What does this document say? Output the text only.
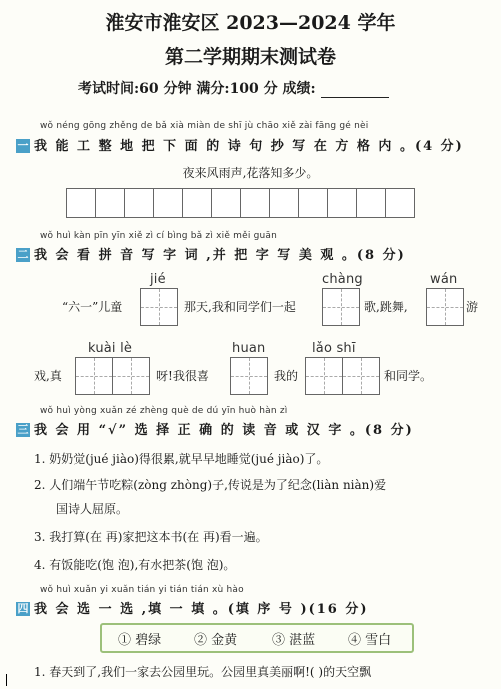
淮安市淮安区 2023—2024 学年
第二学期期末测试卷
考试时间:60 分钟 满分:100 分 成绩:
wǒ néng gōng zhěng de bǎ xià miàn de shī jù chāo xiě zài fāng gé nèi
一 我 能 工 整 地 把 下 面 的 诗 句 抄 写 在 方 格 内 。(4 分)
夜来风雨声,花落知多少。
wǒ huì kàn pīn yīn xiě zì cí bìng bǎ zì xiě měi guān
二 我 会 看 拼 音 写 字 词 ,并 把 字 写 美 观 。(8 分)
jié	chàng	wán
“六一”儿童	那天,我和同学们一起	歌,跳舞,	游
kuài lè	huan	lǎo shī
戏,真	呀!我很喜	我的	和同学。
wǒ huì yòng xuǎn zé zhèng què de dú yīn huò hàn zì
三 我 会 用 “√” 选 择 正 确 的 读 音 或 汉 字 。(8 分)
1. 奶奶觉(jué jiào)得很累,就早早地睡觉(jué jiào)了。
2. 人们端午节吃粽(zòng zhòng)子,传说是为了纪念(liàn niàn)爱
国诗人屈原。
3. 我打算(在 再)家把这本书(在 再)看一遍。
4. 有饭能吃(饱 泡),有水把茶(饱 泡)。
wǒ huì xuǎn yi xuǎn tián yi tián tián xù hào
四 我 会 选 一 选 ,填 一 填 。(填 序 号 )(16 分)
① 碧绿	② 金黄	③ 湛蓝	④ 雪白
1. 春天到了,我们一家去公园里玩。公园里真美丽啊!( )的天空飘
